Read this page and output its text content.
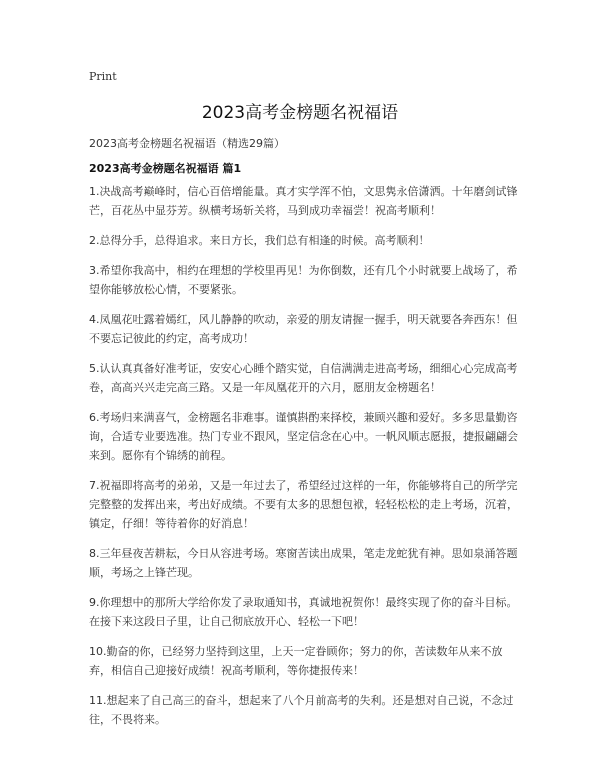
Print
2023高考金榜题名祝福语
2023高考金榜题名祝福语（精选29篇）
2023高考金榜题名祝福语 篇1

1.决战高考巅峰时，信心百倍增能量。真才实学浑不怕，文思隽永倍潇洒。十年磨剑试锋芒，百花丛中显芬芳。纵横考场斩关将，马到成功幸福尝！祝高考顺利！

2.总得分手，总得追求。来日方长，我们总有相逢的时候。高考顺利！

3.希望你我高中，相约在理想的学校里再见！为你倒数，还有几个小时就要上战场了，希望你能够放松心情，不要紧张。

4.凤凰花吐露着嫣红，风儿静静的吹动，亲爱的朋友请握一握手，明天就要各奔西东！但不要忘记彼此的约定，高考成功！

5.认认真真备好准考证，安安心心睡个踏实觉，自信满满走进高考场，细细心心完成高考卷，高高兴兴走完高三路。又是一年凤凰花开的六月，愿朋友金榜题名！

6.考场归来满喜气，金榜题名非难事。谨慎斟酌来择校，兼顾兴趣和爱好。多多思量勤咨询，合适专业要选准。热门专业不跟风，坚定信念在心中。一帆风顺志愿报，捷报翩翩会来到。愿你有个锦绣的前程。

7.祝福即将高考的弟弟，又是一年过去了，希望经过这样的一年，你能够将自己的所学完完整整的发挥出来，考出好成绩。不要有太多的思想包袱，轻轻松松的走上考场，沉着，镇定，仔细！等待着你的好消息！

8.三年昼夜苦耕耘，今日从容进考场。寒窗苦读出成果，笔走龙蛇犹有神。思如泉涌答题顺，考场之上锋芒现。

9.你理想中的那所大学给你发了录取通知书，真诚地祝贺你！最终实现了你的奋斗目标。在接下来这段日子里，让自己彻底放开心、轻松一下吧！

10.勤奋的你，已经努力坚持到这里，上天一定眷顾你；努力的你，苦读数年从来不放弃，相信自己迎接好成绩！祝高考顺利，等你捷报传来！

11.想起来了自己高三的奋斗，想起来了八个月前高考的失利。还是想对自己说，不念过往，不畏将来。
